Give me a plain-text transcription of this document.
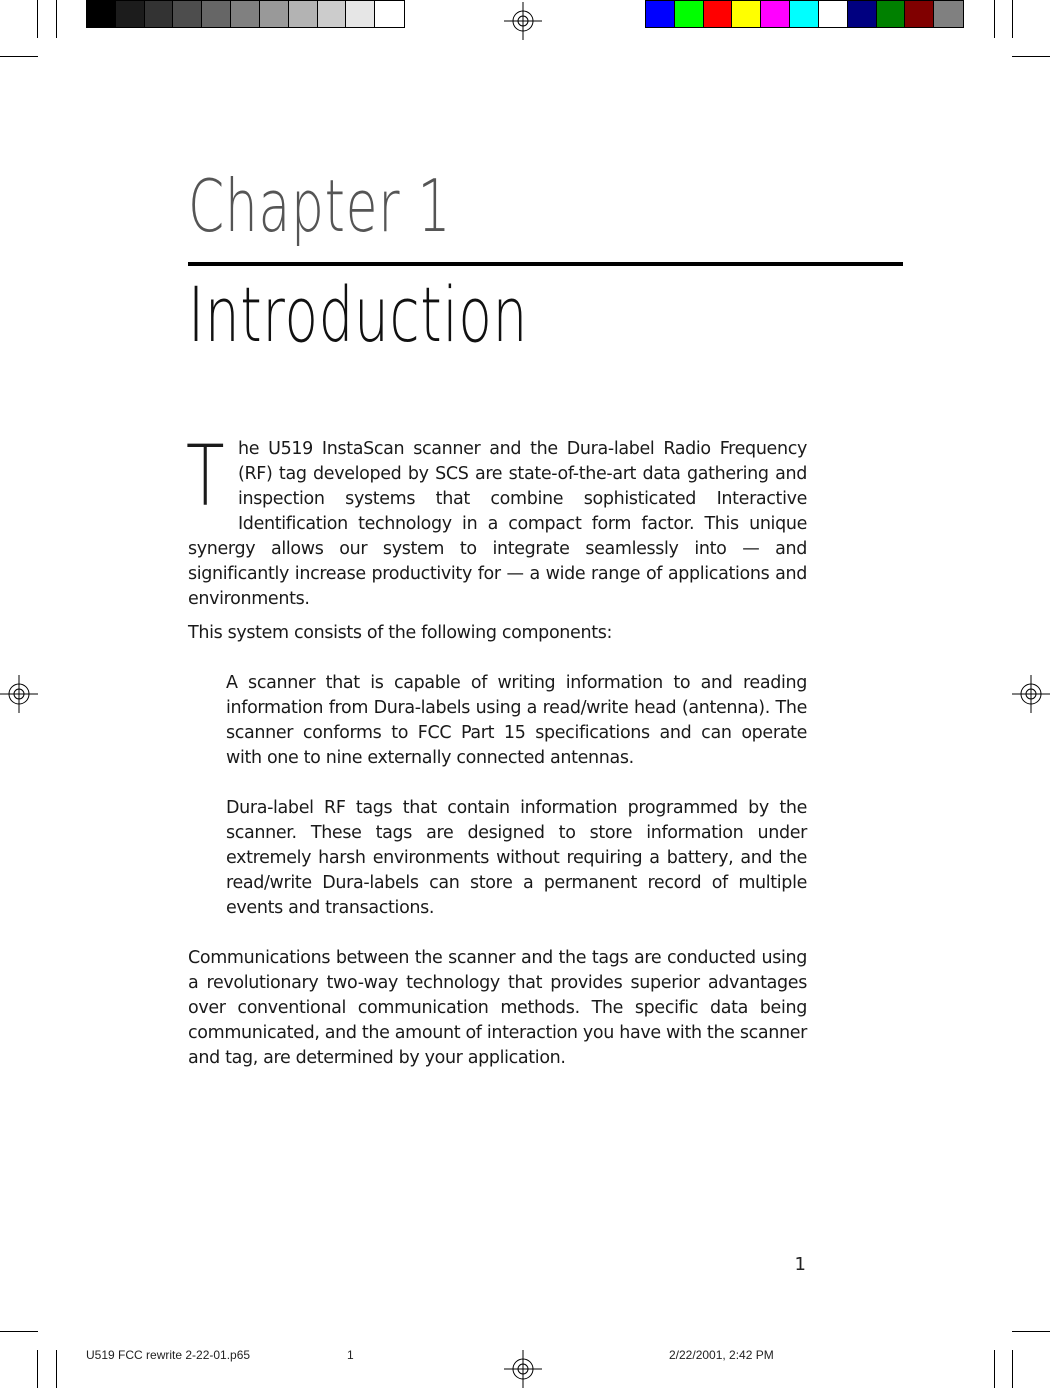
Chapter 1
Introduction
The U519 InstaScan scanner and the Dura-label Radio Frequency (RF) tag developed by SCS are state-of-the-art data gathering and inspection systems that combine sophisticated Interactive Identification technology in a compact form factor. This unique synergy allows our system to integrate seamlessly into — and significantly increase productivity for — a wide range of applications and environments.
This system consists of the following components:
A scanner that is capable of writing information to and reading information from Dura-labels using a read/write head (antenna). The scanner conforms to FCC Part 15 specifications and can operate with one to nine externally connected antennas.
Dura-label RF tags that contain information programmed by the scanner. These tags are designed to store information under extremely harsh environments without requiring a battery, and the read/write Dura-labels can store a permanent record of multiple events and transactions.
Communications between the scanner and the tags are conducted using a revolutionary two-way technology that provides superior advantages over conventional communication methods. The specific data being communicated, and the amount of interaction you have with the scanner and tag, are determined by your application.
1
U519 FCC rewrite 2-22-01.p65	1	2/22/2001, 2:42 PM
